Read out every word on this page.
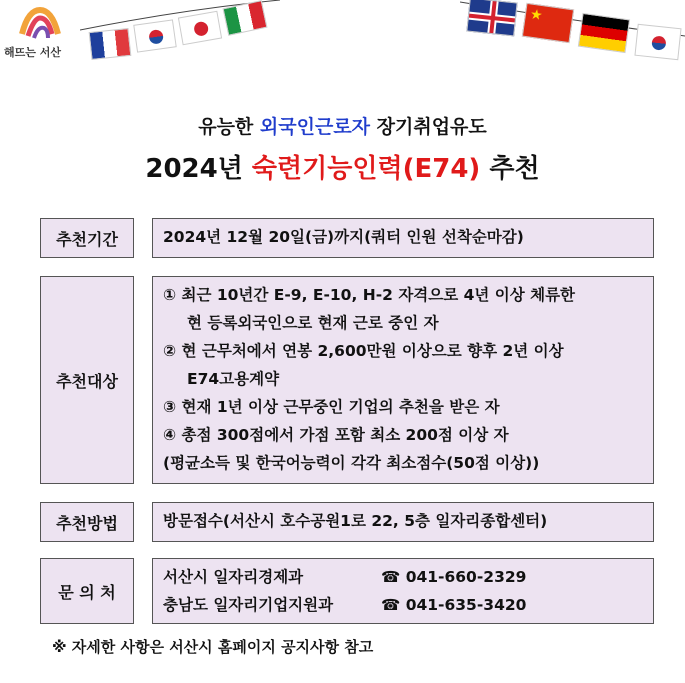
해뜨는 서산
★
유능한 외국인근로자 장기취업유도
2024년 숙련기능인력(E74) 추천
추천기간	2024년 12월 20일(금)까지(쿼터 인원 선착순마감)
추천대상
① 최근 10년간 E-9, E-10, H-2 자격으로 4년 이상 체류한
현 등록외국인으로 현재 근로 중인 자
② 현 근무처에서 연봉 2,600만원 이상으로 향후 2년 이상
E74고용계약
③ 현재 1년 이상 근무중인 기업의 추천을 받은 자
④ 총점 300점에서 가점 포함 최소 200점 이상 자
(평균소득 및 한국어능력이 각각 최소점수(50점 이상))
추천방법	방문접수(서산시 호수공원1로 22, 5층 일자리종합센터)
문 의 처
서산시 일자리경제과	☎ 041-660-2329
충남도 일자리기업지원과	☎ 041-635-3420
※ 자세한 사항은 서산시 홈페이지 공지사항 참고
